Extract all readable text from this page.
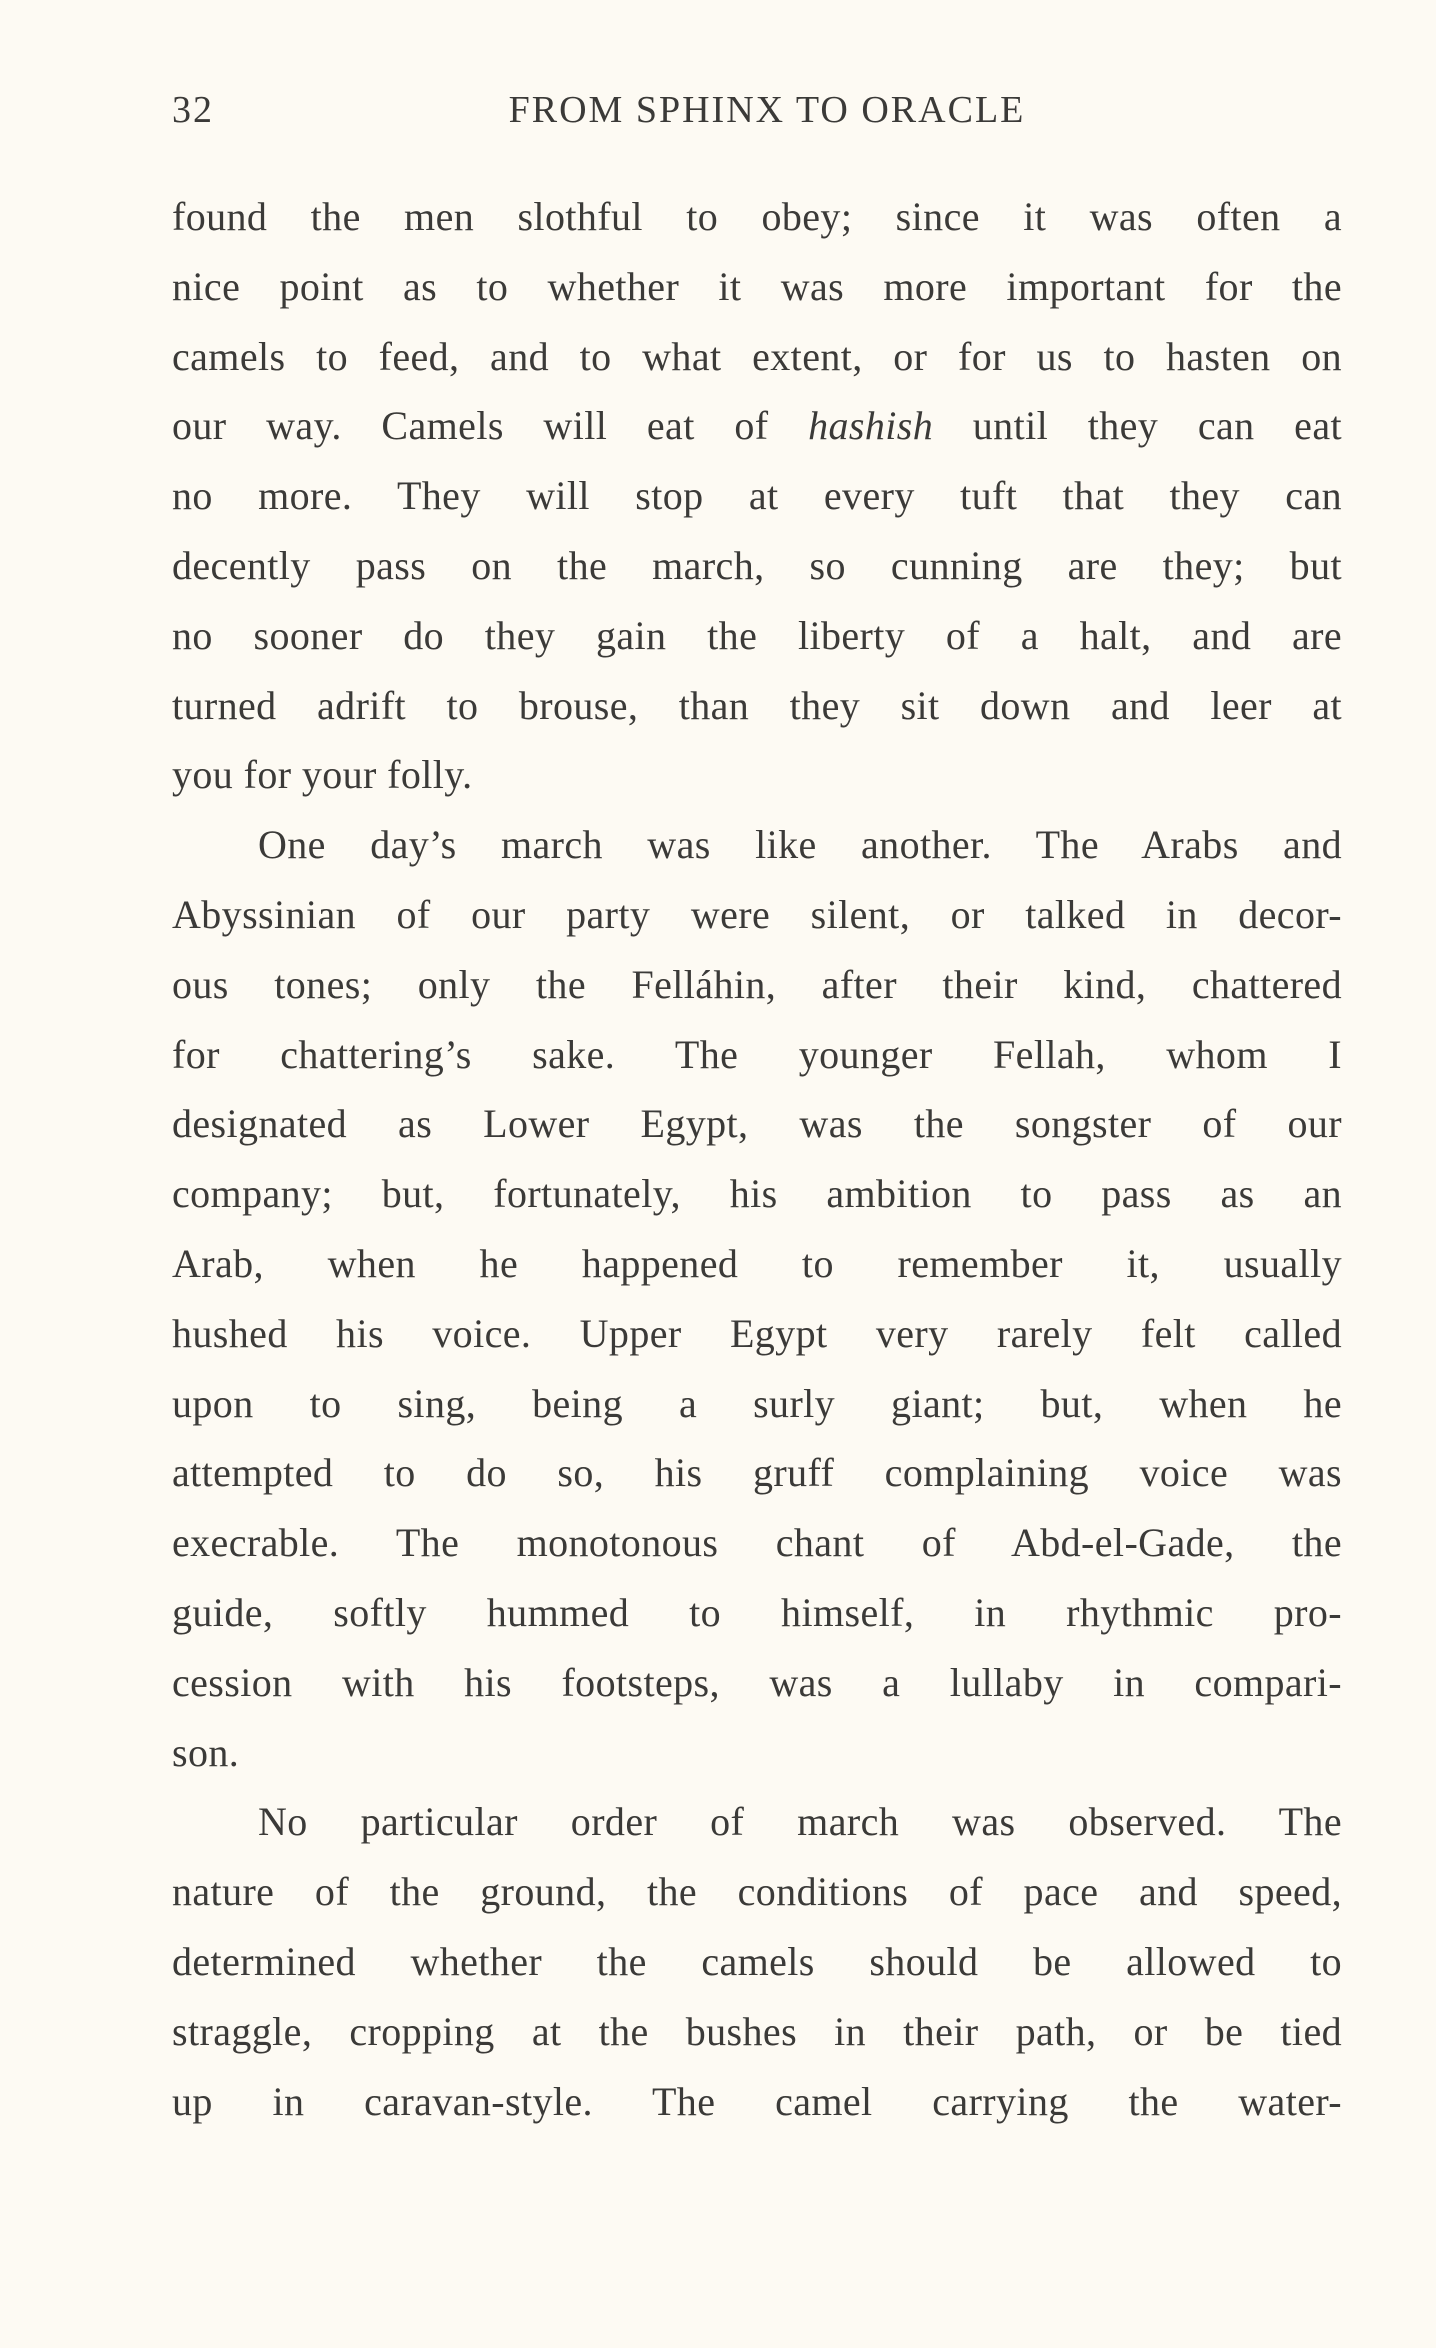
32	FROM SPHINX TO ORACLE
found the men slothful to obey; since it was often a
nice point as to whether it was more important for the
camels to feed, and to what extent, or for us to hasten on
our way. Camels will eat of hashish until they can eat
no more. They will stop at every tuft that they can
decently pass on the march, so cunning are they; but
no sooner do they gain the liberty of a halt, and are
turned adrift to brouse, than they sit down and leer at
you for your folly.
One day’s march was like another. The Arabs and
Abyssinian of our party were silent, or talked in decor-
ous tones; only the Felláhin, after their kind, chattered
for chattering’s sake. The younger Fellah, whom I
designated as Lower Egypt, was the songster of our
company; but, fortunately, his ambition to pass as an
Arab, when he happened to remember it, usually
hushed his voice. Upper Egypt very rarely felt called
upon to sing, being a surly giant; but, when he
attempted to do so, his gruff complaining voice was
execrable. The monotonous chant of Abd-el-Gade, the
guide, softly hummed to himself, in rhythmic pro-
cession with his footsteps, was a lullaby in compari-
son.
No particular order of march was observed. The
nature of the ground, the conditions of pace and speed,
determined whether the camels should be allowed to
straggle, cropping at the bushes in their path, or be tied
up in caravan-style. The camel carrying the water-
